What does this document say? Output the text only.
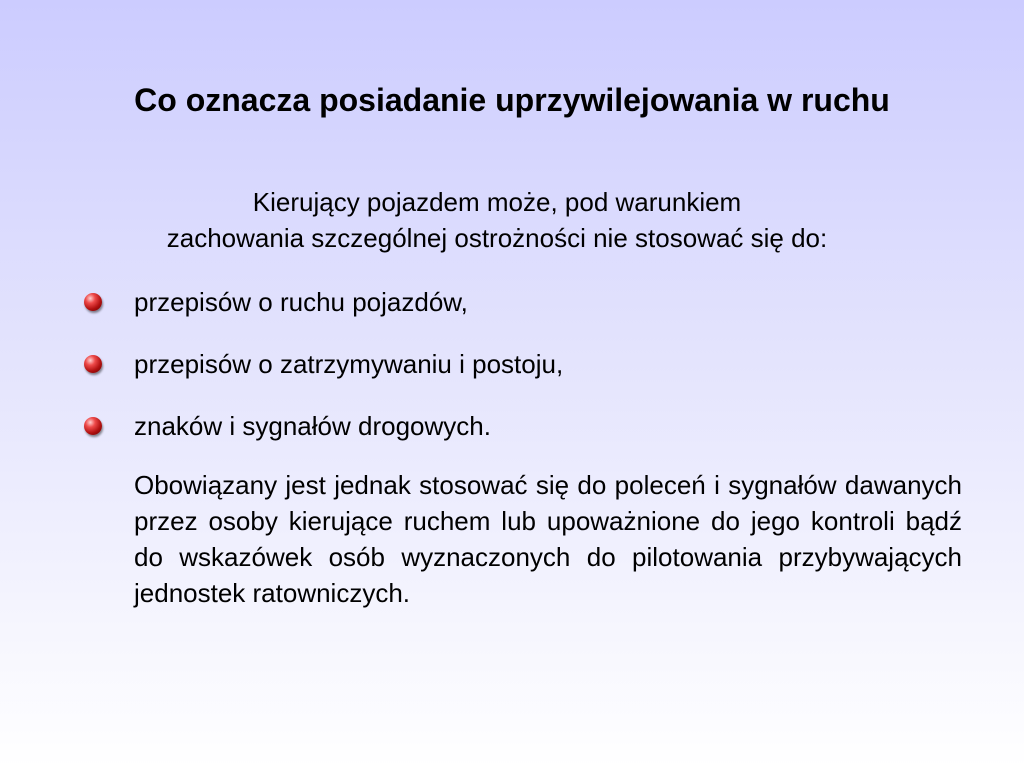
Co oznacza posiadanie uprzywilejowania w ruchu

Kierujący pojazdem może, pod warunkiem
zachowania szczególnej ostrożności nie stosować się do:

przepisów o ruchu pojazdów,
przepisów o zatrzymywaniu i postoju,
znaków i sygnałów drogowych.

Obowiązany jest jednak stosować się do poleceń i sygnałów dawanych przez osoby kierujące ruchem lub upoważnione do jego kontroli bądź do wskazówek osób wyznaczonych do pilotowania przybywających jednostek ratowniczych.
